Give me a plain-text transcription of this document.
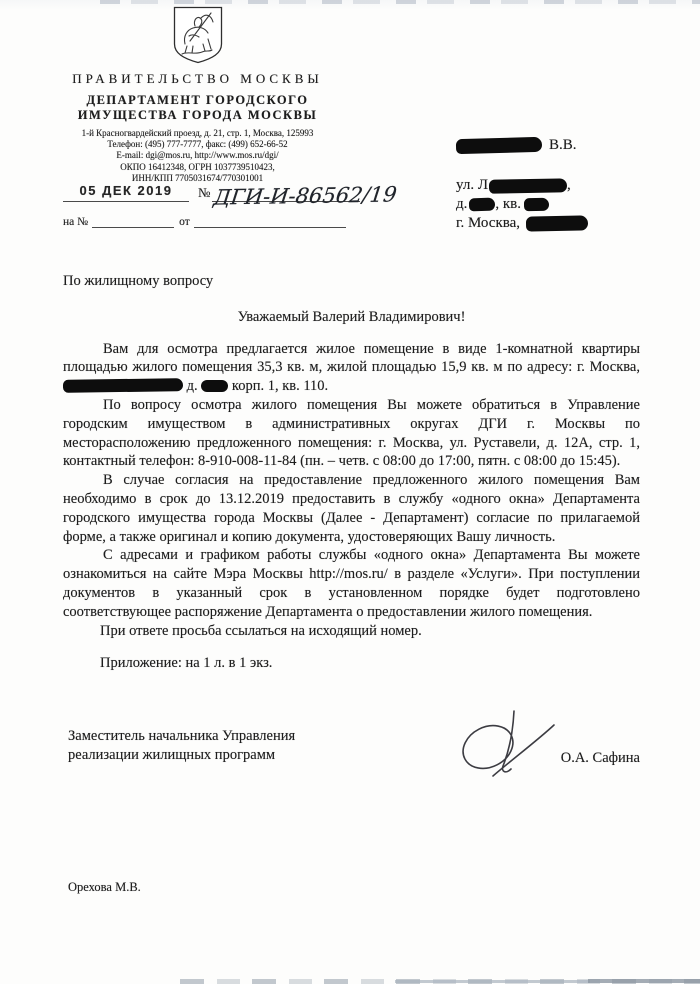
ПРАВИТЕЛЬСТВО МОСКВЫ
ДЕПАРТАМЕНТ ГОРОДСКОГО
ИМУЩЕСТВА ГОРОДА МОСКВЫ
1-й Красногвардейский проезд, д. 21, стр. 1, Москва, 125993
Телефон: (495) 777-7777, факс: (499) 652-66-52
E-mail: dgi@mos.ru, http://www.mos.ru/dgi/
ОКПО 16412348, ОГРН 1037739510423,
ИНН/КПП 7705031674/770301001
05 ДЕК 2019	№ ДГИ-И-86562/19
на №	от
В.В.
ул. Л	,
д. , кв.
г. Москва,
По жилищному вопросу
Уважаемый Валерий Владимирович!

Вам для осмотра предлагается жилое помещение в виде 1-комнатной квартиры площадью жилого помещения 35,3 кв. м, жилой площадью 15,9 кв. м по адресу: г. Москва,  д. корп. 1, кв. 110.

По вопросу осмотра жилого помещения Вы можете обратиться в Управление городским имуществом в административных округах ДГИ г. Москвы по месторасположению предложенного помещения: г. Москва, ул. Руставели, д. 12А, стр. 1, контактный телефон: 8-910-008-11-84 (пн. – четв. с 08:00 до 17:00, пятн. с 08:00 до 15:45).

В случае согласия на предоставление предложенного жилого помещения Вам необходимо в срок до 13.12.2019 предоставить в службу «одного окна» Департамента городского имущества города Москвы (Далее - Департамент) согласие по прилагаемой форме, а также оригинал и копию документа, удостоверяющих Вашу личность.

С адресами и графиком работы службы «одного окна» Департамента Вы можете ознакомиться на сайте Мэра Москвы http://mos.ru/ в разделе «Услуги». При поступлении документов в указанный срок в установленном порядке будет подготовлено соответствующее распоряжение Департамента о предоставлении жилого помещения.

При ответе просьба ссылаться на исходящий номер.

Приложение: на 1 л. в 1 экз.
Заместитель начальника Управления
реализации жилищных программ	О.А. Сафина
Орехова М.В.
